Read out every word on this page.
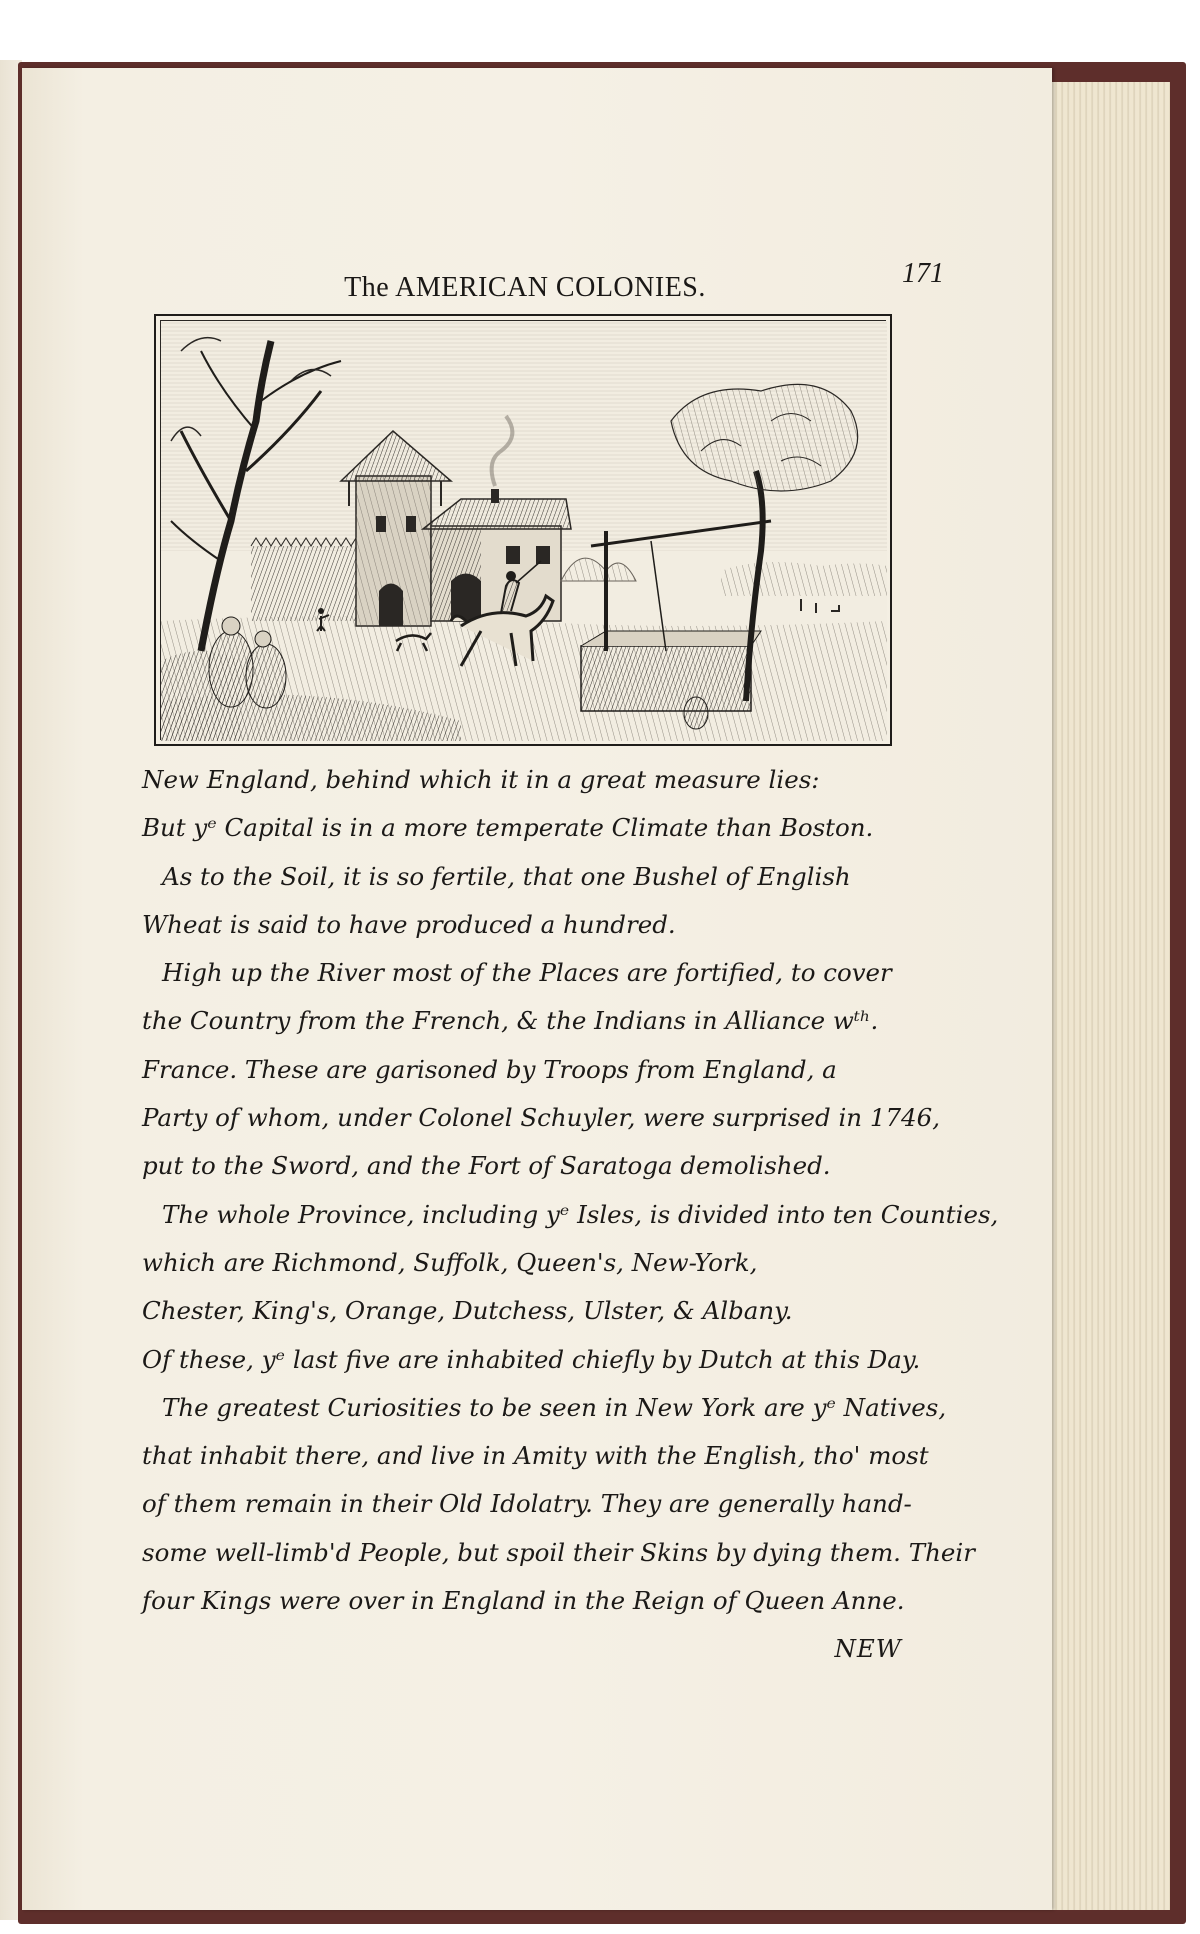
171
The AMERICAN COLONIES.
New England, behind which it in a great measure lies:
But yᵉ Capital is in a more temperate Climate than Boston.
As to the Soil, it is so fertile, that one Bushel of English
Wheat is said to have produced a hundred.
High up the River most of the Places are fortified, to cover
the Country from the French, & the Indians in Alliance wᵗʰ.
France. These are garisoned by Troops from England, a
Party of whom, under Colonel Schuyler, were surprised in 1746,
put to the Sword, and the Fort of Saratoga demolished.
The whole Province, including yᵉ Isles, is divided into ten Counties,
which are Richmond, Suffolk, Queen's, New-York,
Chester, King's, Orange, Dutchess, Ulster, & Albany.
Of these, yᵉ last five are inhabited chiefly by Dutch at this Day.
The greatest Curiosities to be seen in New York are yᵉ Natives,
that inhabit there, and live in Amity with the English, tho' most
of them remain in their Old Idolatry. They are generally hand-
some well-limb'd People, but spoil their Skins by dying them. Their
four Kings were over in England in the Reign of Queen Anne.
NEW
